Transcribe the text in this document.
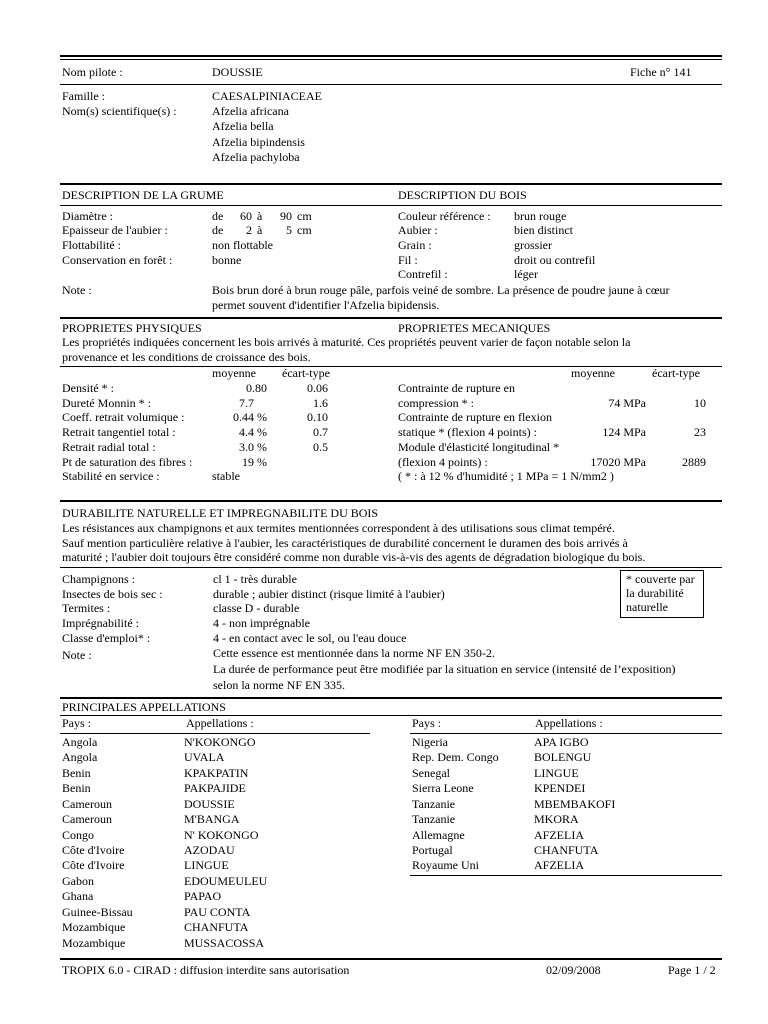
Nom pilote :	DOUSSIE	Fiche n° 141
Famille :	CAESALPINIACEAE
Nom(s) scientifique(s) :	Afzelia africana
Afzelia bella
Afzelia bipindensis
Afzelia pachyloba
DESCRIPTION DE LA GRUME	DESCRIPTION DU BOIS
Diamètre :	de	60 à	90 cm
Epaisseur de l'aubier :	de	2 à	5 cm
Flottabilité :	non flottable
Conservation en forêt :	bonne
Couleur référence : brun rouge
Aubier :	bien distinct
Grain :	grossier
Fil :	droit ou contrefil
Contrefil :	léger
Note :	Bois brun doré à brun rouge pâle, parfois veiné de sombre. La présence de poudre jaune à cœur
permet souvent d'identifier l'Afzelia bipidensis.
PROPRIETES PHYSIQUES	PROPRIETES MECANIQUES
Les propriétés indiquées concernent les bois arrivés à maturité. Ces propriétés peuvent varier de façon notable selon la
provenance et les conditions de croissance des bois.
moyenne écart-type
Densité * :	0.80	0.06
Dureté Monnin * :	7.7	1.6
Coeff. retrait volumique :	0.44 %	0.10
Retrait tangentiel total :	4.4 %	0.7
Retrait radial total :	3.0 %	0.5
Pt de saturation des fibres :	19 %
Stabilité en service :	stable
moyenne	écart-type
Contrainte de rupture en
compression * :	74 MPa	10
Contrainte de rupture en flexion
statique * (flexion 4 points) :	124 MPa	23
Module d'élasticité longitudinal *
(flexion 4 points) :	17020 MPa	2889
( * : à 12 % d'humidité ; 1 MPa = 1 N/mm2 )
DURABILITE NATURELLE ET IMPREGNABILITE DU BOIS
Les résistances aux champignons et aux termites mentionnées correspondent à des utilisations sous climat tempéré.
Sauf mention particulière relative à l'aubier, les caractéristiques de durabilité concernent le duramen des bois arrivés à
maturité ; l'aubier doit toujours être considéré comme non durable vis-à-vis des agents de dégradation biologique du bois.
Champignons :	cl 1 - très durable
Insectes de bois sec :	durable ; aubier distinct (risque limité à l'aubier)
Termites :	classe D - durable
Imprégnabilité :	4 - non imprégnable
Classe d'emploi* :	4 - en contact avec le sol, ou l'eau douce
Note :	Cette essence est mentionnée dans la norme NF EN 350-2.
La durée de performance peut être modifiée par la situation en service (intensité de l’exposition)
selon la norme NF EN 335.
* couverte par
la durabilité
naturelle
PRINCIPALES APPELLATIONS
Pays :	Appellations :
Angola	N'KOKONGO
Angola	UVALA
Benin	KPAKPATIN
Benin	PAKPAJIDE
Cameroun	DOUSSIE
Cameroun	M'BANGA
Congo	N' KOKONGO
Côte d'Ivoire	AZODAU
Côte d'Ivoire	LINGUE
Gabon	EDOUMEULEU
Ghana	PAPAO
Guinee-Bissau	PAU CONTA
Mozambique	CHANFUTA
Mozambique	MUSSACOSSA
Pays :	Appellations :
Nigeria	APA IGBO
Rep. Dem. Congo	BOLENGU
Senegal	LINGUE
Sierra Leone	KPENDEI
Tanzanie	MBEMBAKOFI
Tanzanie	MKORA
Allemagne	AFZELIA
Portugal	CHANFUTA
Royaume Uni	AFZELIA
TROPIX 6.0 - CIRAD : diffusion interdite sans autorisation	02/09/2008	Page 1 / 2
